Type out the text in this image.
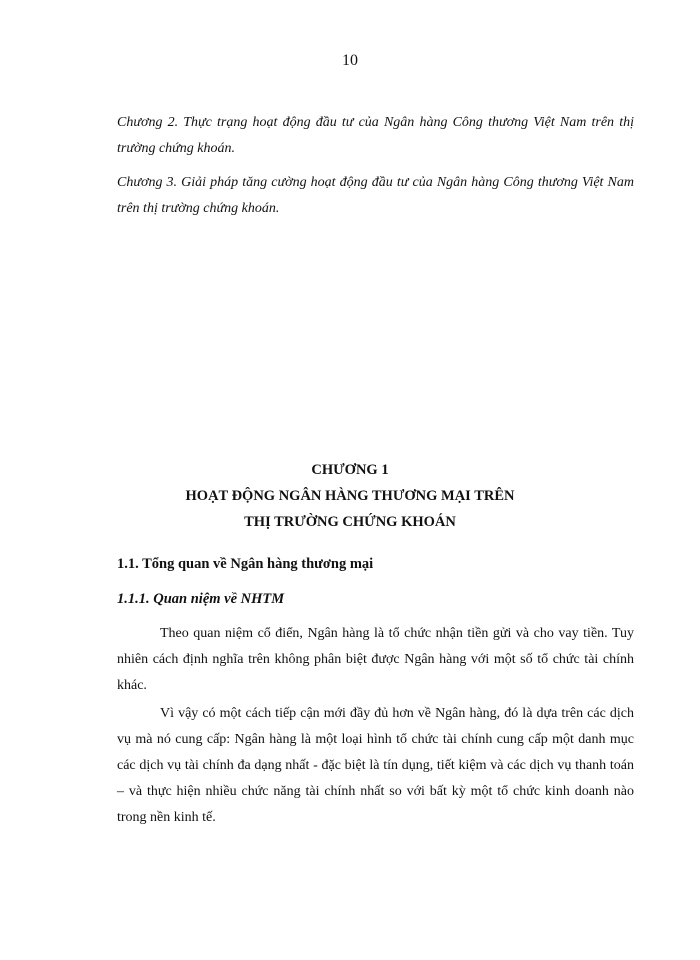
10

Chương 2. Thực trạng hoạt động đầu tư của Ngân hàng Công thương Việt Nam trên thị trường chứng khoán.

Chương 3. Giải pháp tăng cường hoạt động đầu tư của Ngân hàng Công thương Việt Nam trên thị trường chứng khoán.

CHƯƠNG 1
HOẠT ĐỘNG NGÂN HÀNG THƯƠNG MẠI TRÊN
THỊ TRƯỜNG CHỨNG KHOÁN
1.1. Tổng quan về Ngân hàng thương mại
1.1.1. Quan niệm về NHTM

Theo quan niệm cổ điển, Ngân hàng là tổ chức nhận tiền gửi và cho vay tiền. Tuy nhiên cách định nghĩa trên không phân biệt được Ngân hàng với một số tổ chức tài chính khác.

Vì vậy có một cách tiếp cận mới đầy đủ hơn về Ngân hàng, đó là dựa trên các dịch vụ mà nó cung cấp: Ngân hàng là một loại hình tổ chức tài chính cung cấp một danh mục các dịch vụ tài chính đa dạng nhất - đặc biệt là tín dụng, tiết kiệm và các dịch vụ thanh toán – và thực hiện nhiều chức năng tài chính nhất so với bất kỳ một tổ chức kinh doanh nào trong nền kinh tế.
